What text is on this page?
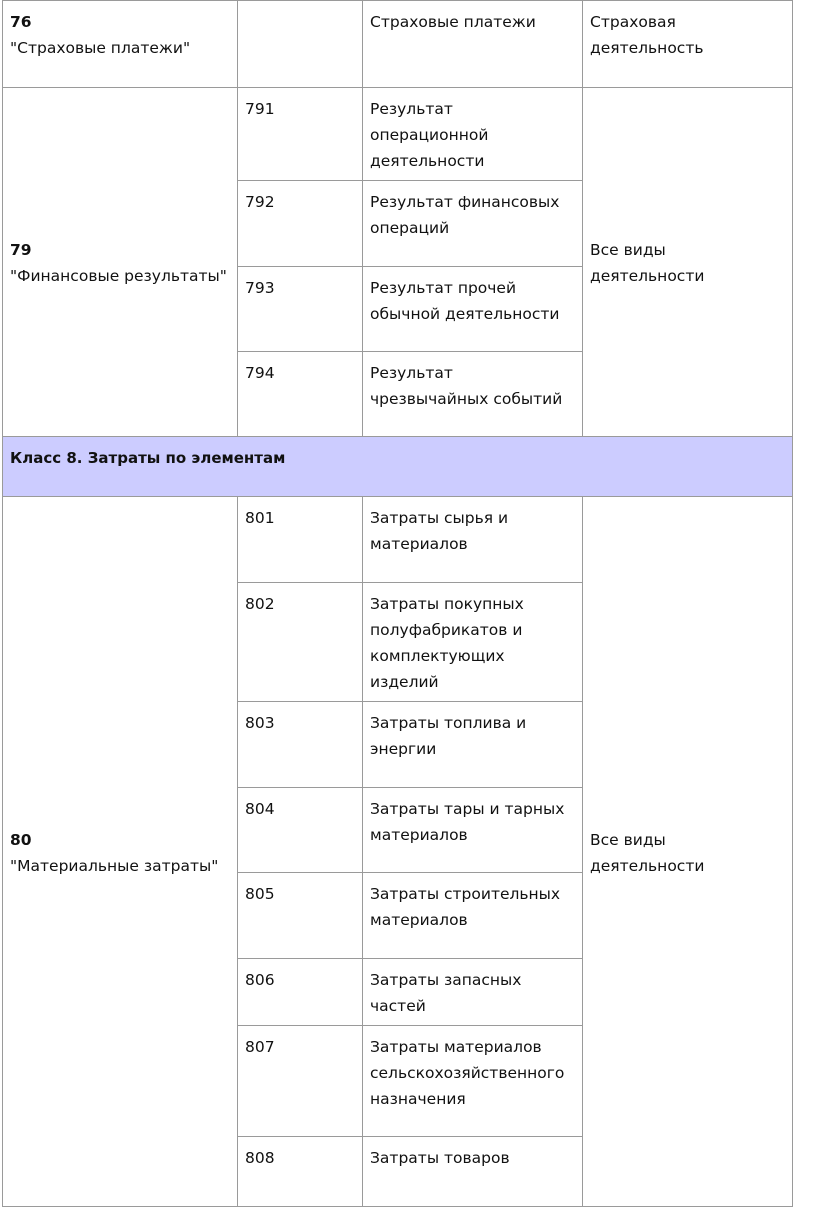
76
"Страховые платежи"		Страховые платежи	Страховая деятельность

79
"Финансовые результаты"	791	Результат операционной деятельности	Все виды деятельности
	792	Результат финансовых операций	
	793	Результат прочей обычной деятельности	
	794	Результат чрезвычайных событий	
Класс 8. Затраты по элементам			

80
"Материальные затраты"	801	Затраты сырья и материалов	Все виды деятельности
	802	Затраты покупных полуфабрикатов и комплектующих изделий	
	803	Затраты топлива и энергии	
	804	Затраты тары и тарных материалов	
	805	Затраты строительных материалов	
	806	Затраты запасных частей	
	807	Затраты материалов сельскохозяйственного назначения	
	808	Затраты товаров	
